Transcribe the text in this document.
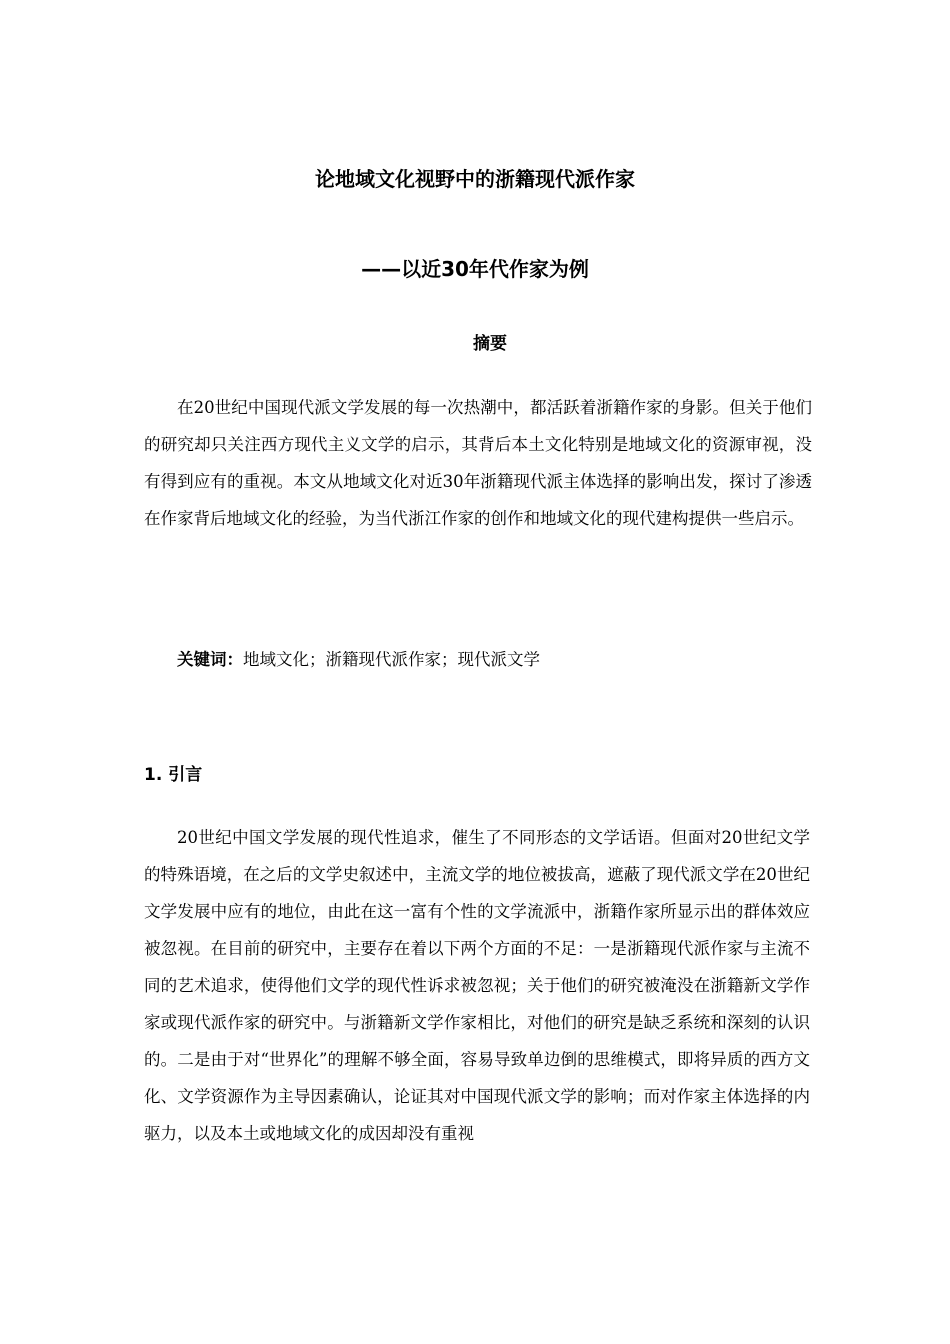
论地域文化视野中的浙籍现代派作家
——以近30年代作家为例
摘要

在20世纪中国现代派文学发展的每一次热潮中，都活跃着浙籍作家的身影。但关于他们的研究却只关注西方现代主义文学的启示，其背后本土文化特别是地域文化的资源审视，没有得到应有的重视。本文从地域文化对近30年浙籍现代派主体选择的影响出发，探讨了渗透在作家背后地域文化的经验，为当代浙江作家的创作和地域文化的现代建构提供一些启示。

关键词：地域文化；浙籍现代派作家；现代派文学
1. 引言

20世纪中国文学发展的现代性追求，催生了不同形态的文学话语。但面对20世纪文学的特殊语境，在之后的文学史叙述中，主流文学的地位被拔高，遮蔽了现代派文学在20世纪文学发展中应有的地位，由此在这一富有个性的文学流派中，浙籍作家所显示出的群体效应被忽视。在目前的研究中，主要存在着以下两个方面的不足：一是浙籍现代派作家与主流不同的艺术追求，使得他们文学的现代性诉求被忽视；关于他们的研究被淹没在浙籍新文学作家或现代派作家的研究中。与浙籍新文学作家相比，对他们的研究是缺乏系统和深刻的认识的。二是由于对“世界化”的理解不够全面，容易导致单边倒的思维模式，即将异质的西方文化、文学资源作为主导因素确认，论证其对中国现代派文学的影响；而对作家主体选择的内驱力，以及本土或地域文化的成因却没有重视
